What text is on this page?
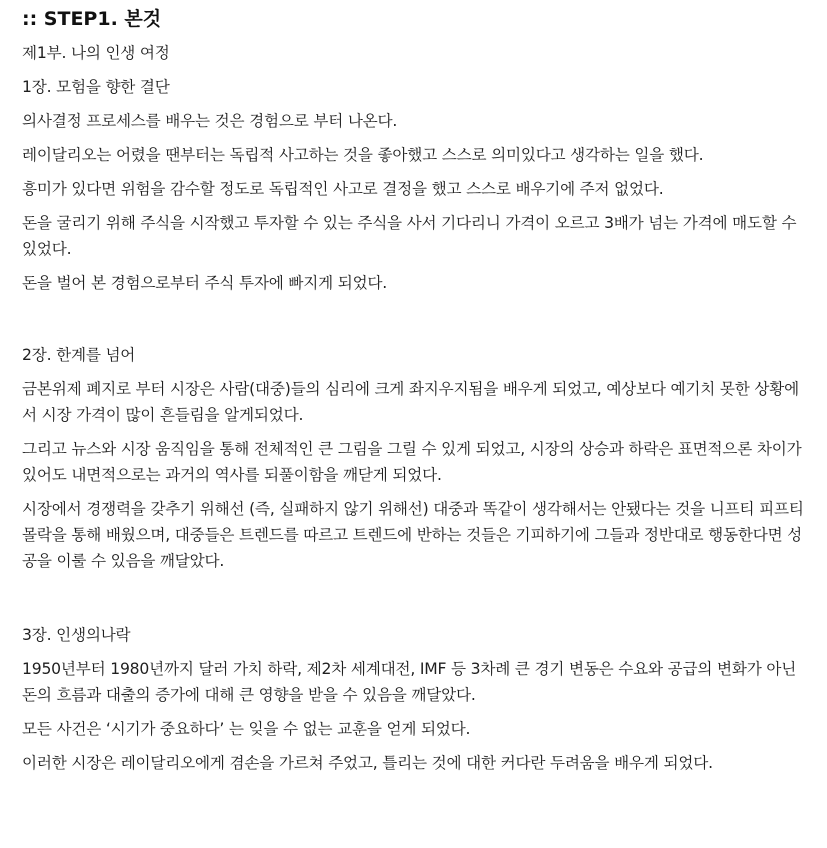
:: STEP1. 본것

제1부. 나의 인생 여정

1장. 모험을 향한 결단

의사결정 프로세스를 배우는 것은 경험으로 부터 나온다.

레이달리오는 어렸을 땐부터는 독립적 사고하는 것을 좋아했고 스스로 의미있다고 생각하는 일을 했다.

흥미가 있다면 위험을 감수할 정도로 독립적인 사고로 결정을 했고 스스로 배우기에 주저 없었다.

돈을 굴리기 위해 주식을 시작했고 투자할 수 있는 주식을 사서 기다리니 가격이 오르고 3배가 넘는 가격에 매도할 수 있었다.

돈을 벌어 본 경험으로부터 주식 투자에 빠지게 되었다.

2장. 한계를 넘어

금본위제 폐지로 부터 시장은 사람(대중)들의 심리에 크게 좌지우지됨을 배우게 되었고, 예상보다 예기치 못한 상황에서 시장 가격이 많이 흔들림을 알게되었다.

그리고 뉴스와 시장 움직임을 통해 전체적인 큰 그림을 그릴 수 있게 되었고, 시장의 상승과 하락은 표면적으론 차이가 있어도 내면적으로는 과거의 역사를 되풀이함을 깨닫게 되었다.

시장에서 경쟁력을 갖추기 위해선 (즉, 실패하지 않기 위해선) 대중과 똑같이 생각해서는 안됐다는 것을 니프티 피프티 몰락을 통해 배웠으며, 대중들은 트렌드를 따르고 트렌드에 반하는 것들은 기피하기에 그들과 정반대로 행동한다면 성공을 이룰 수 있음을 깨달았다.

3장. 인생의나락

1950년부터 1980년까지 달러 가치 하락, 제2차 세계대전, IMF 등 3차례 큰 경기 변동은 수요와 공급의 변화가 아닌 돈의 흐름과 대출의 증가에 대해 큰 영향을 받을 수 있음을 깨달았다.

모든 사건은 ‘시기가 중요하다’ 는 잊을 수 없는 교훈을 얻게 되었다.

이러한 시장은 레이달리오에게 겸손을 가르쳐 주었고, 틀리는 것에 대한 커다란 두려움을 배우게 되었다.
